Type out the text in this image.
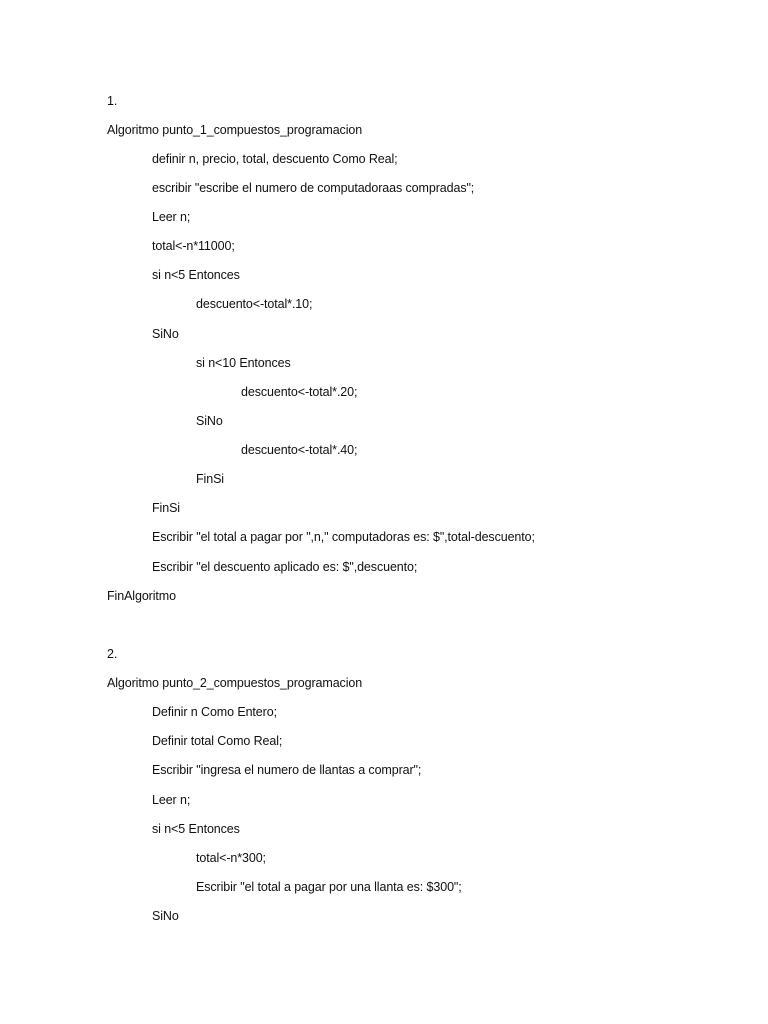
1.
Algoritmo punto_1_compuestos_programacion
definir n, precio, total, descuento Como Real;
escribir "escribe el numero de computadoraas compradas";
Leer n;
total<-n*11000;
si n<5 Entonces
descuento<-total*.10;
SiNo
si n<10 Entonces
descuento<-total*.20;
SiNo
descuento<-total*.40;
FinSi
FinSi
Escribir "el total a pagar por ",n," computadoras es: $",total-descuento;
Escribir "el descuento aplicado es: $",descuento;
FinAlgoritmo
2.
Algoritmo punto_2_compuestos_programacion
Definir n Como Entero;
Definir total Como Real;
Escribir "ingresa el numero de llantas a comprar";
Leer n;
si n<5 Entonces
total<-n*300;
Escribir "el total a pagar por una llanta es: $300";
SiNo
